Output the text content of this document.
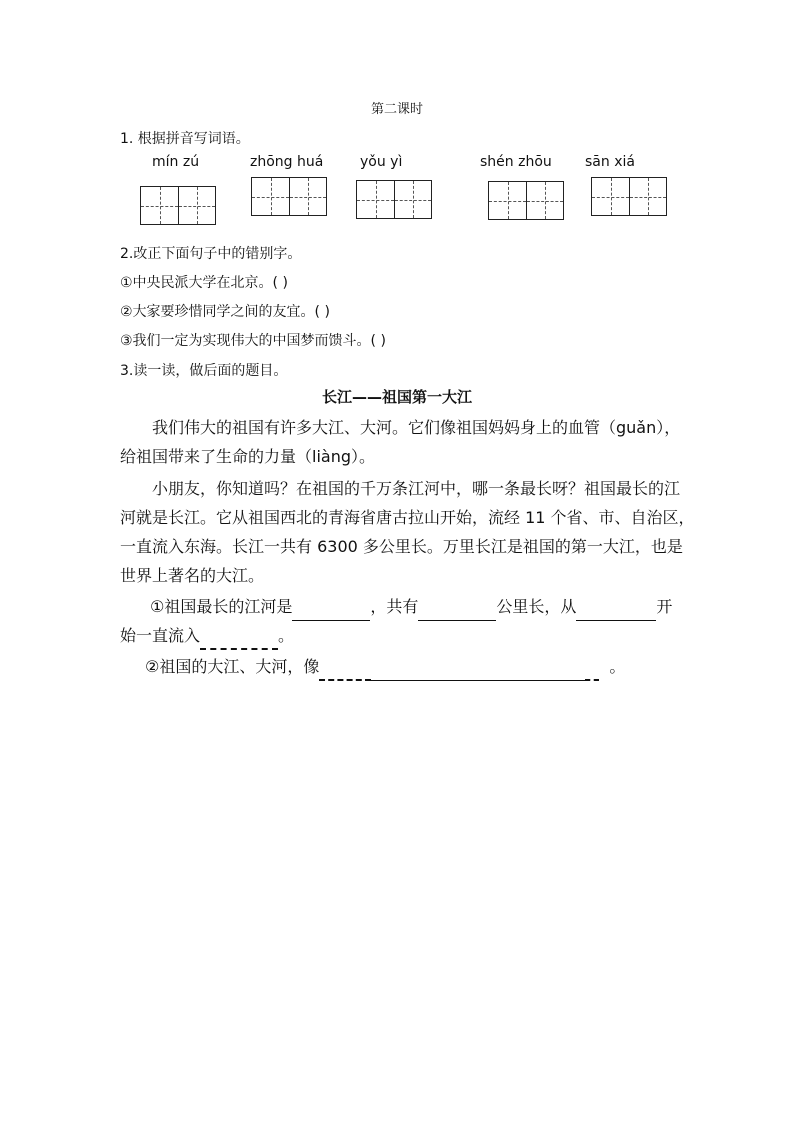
第二课时
1. 根据拼音写词语。
mín zú	zhōng huá	yǒu yì	shén zhōu sān xiá
2.改正下面句子中的错别字。
①中央民派大学在北京。( )
②大家要珍惜同学之间的友宜。( )
③我们一定为实现伟大的中国梦而馈斗。( )
3.读一读，做后面的题目。
长江——祖国第一大江
我们伟大的祖国有许多大江、大河。它们像祖国妈妈身上的血管（guǎn），
给祖国带来了生命的力量（liàng）。
小朋友，你知道吗？在祖国的千万条江河中，哪一条最长呀？祖国最长的江
河就是长江。它从祖国西北的青海省唐古拉山开始，流经 11 个省、市、自治区，
一直流入东海。长江一共有 6300 多公里长。万里长江是祖国的第一大江，也是
世界上著名的大江。
①祖国最长的江河是	，共有	公里长，从	开
始一直流入	。
②祖国的大江、大河，像	。
